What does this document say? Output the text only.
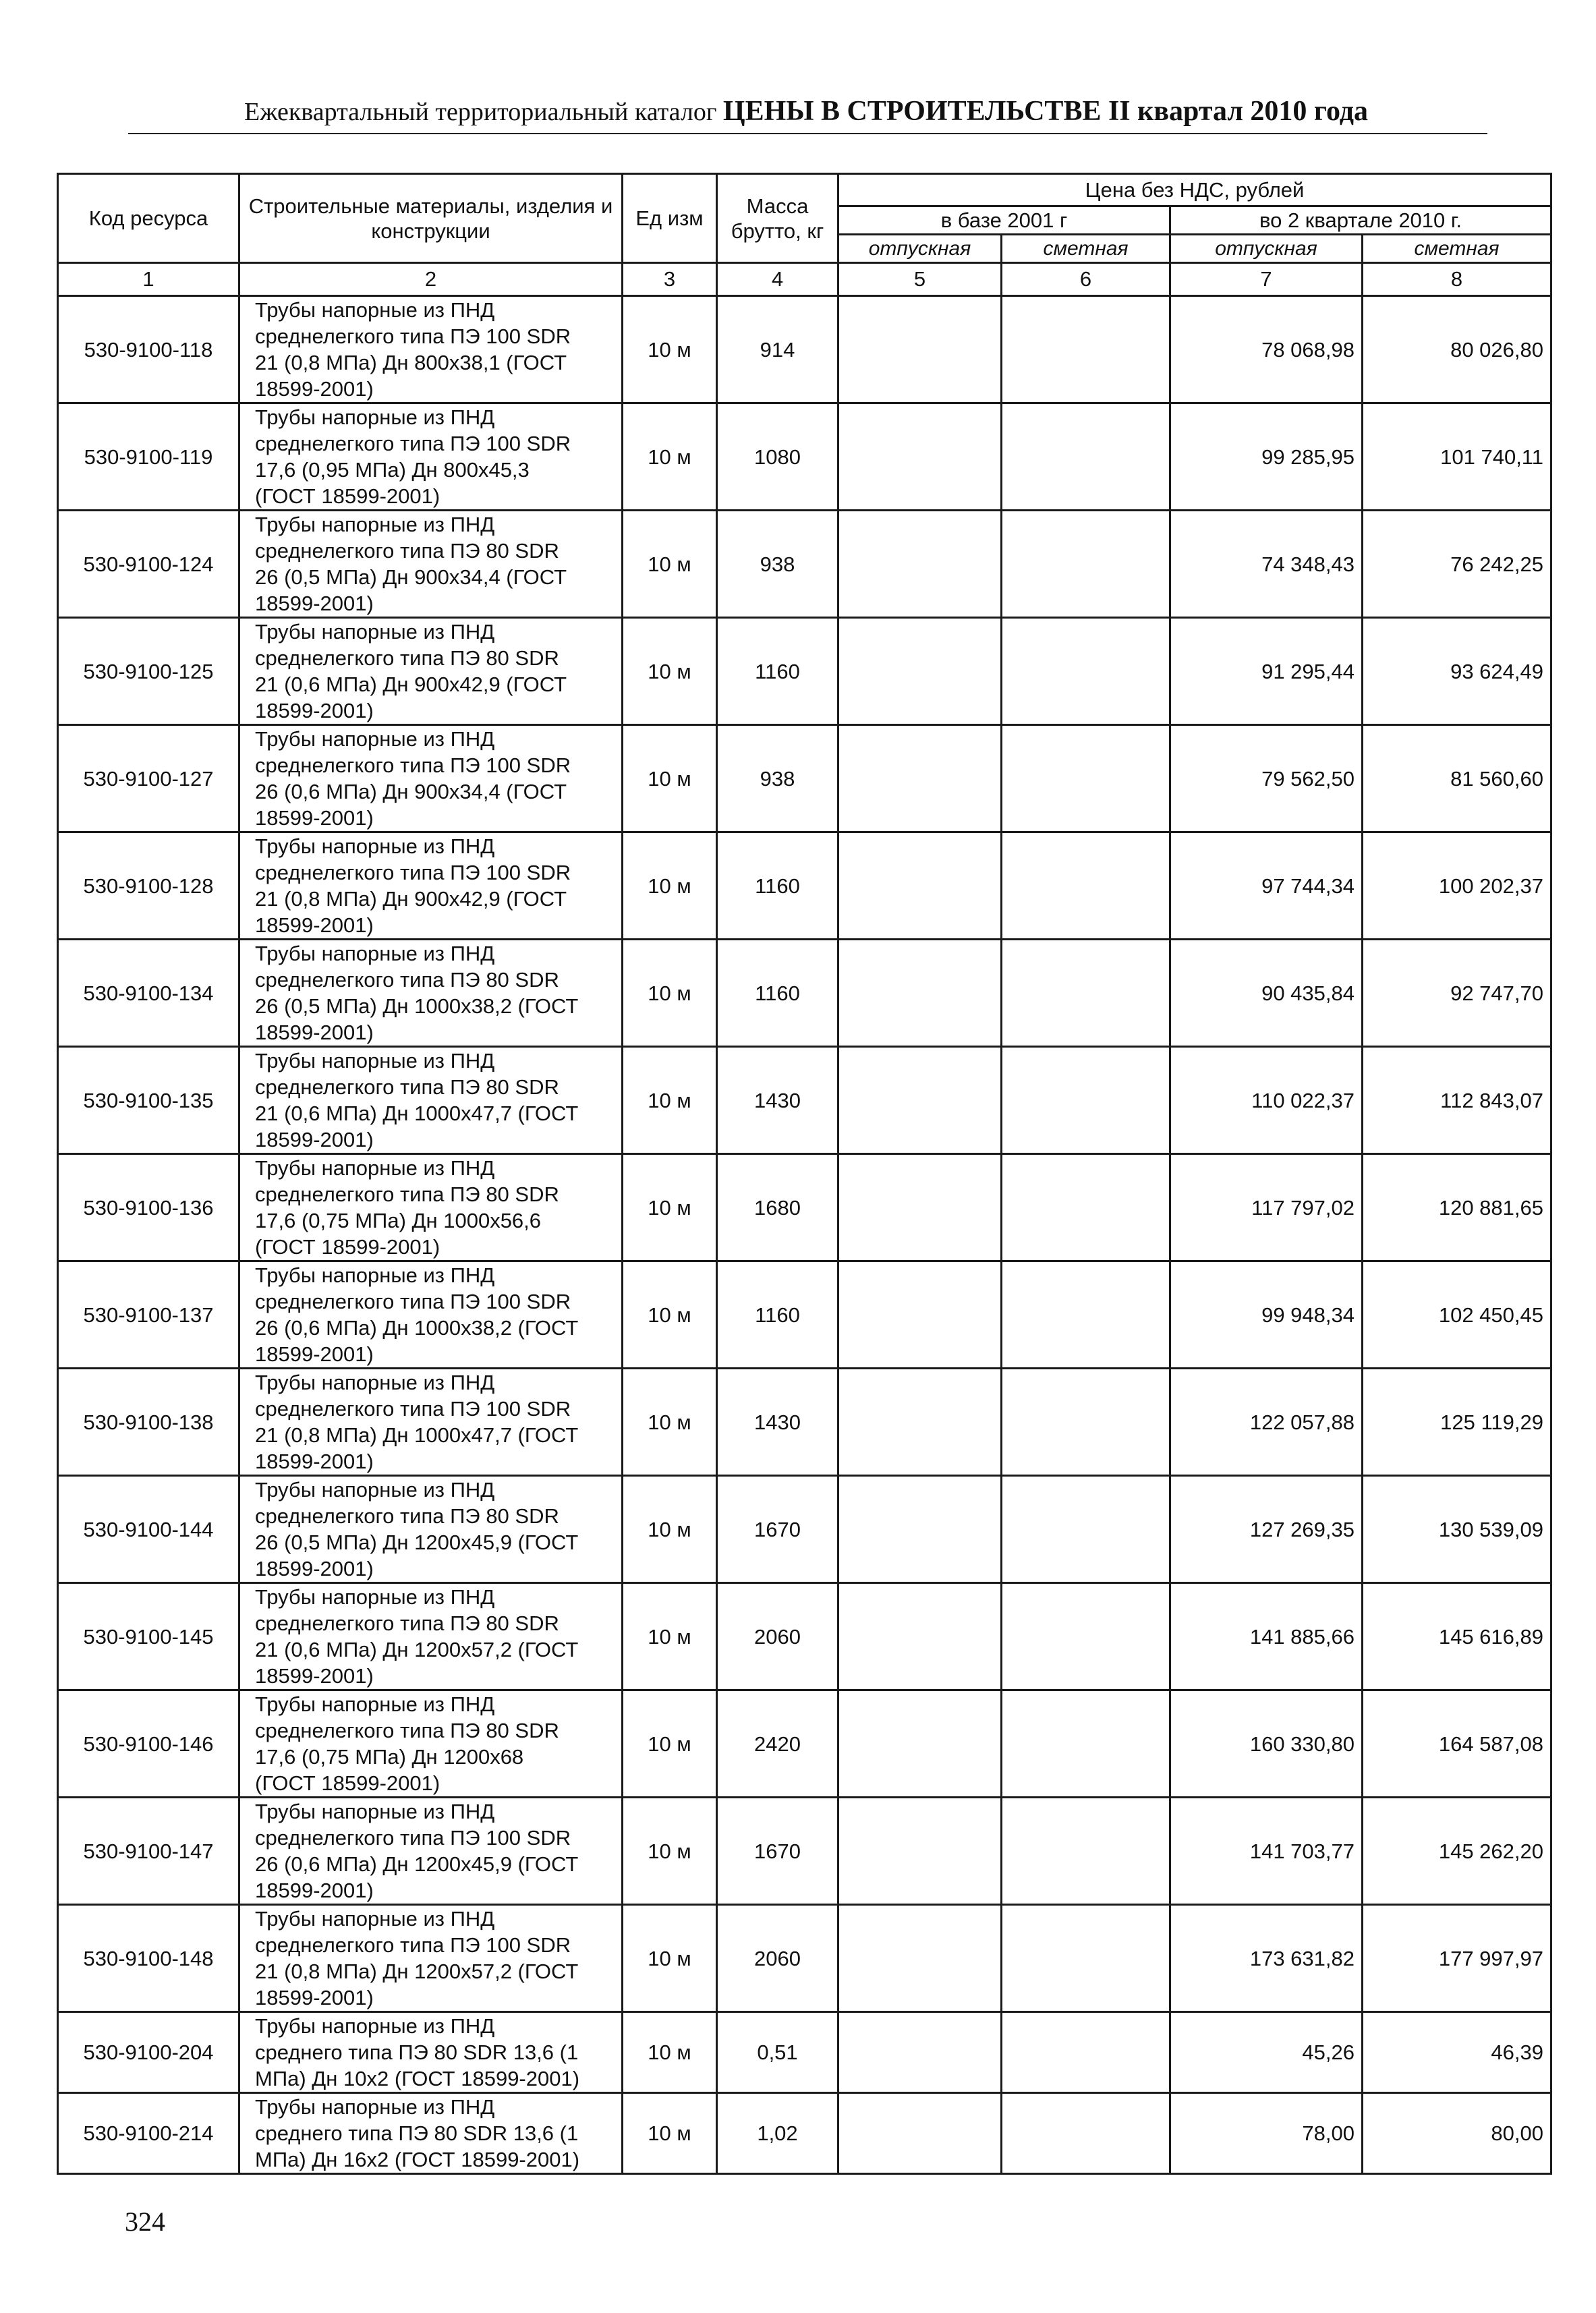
Ежеквартальный территориальный каталог ЦЕНЫ В СТРОИТЕЛЬСТВЕ II квартал 2010 года
Код ресурса	Строительные материалы, изделия и конструкции	Ед изм	Масса брутто, кг	Цена без НДС, рублей			
				в базе 2001 г		во 2 квартале 2010 г.	
				отпускная	сметная	отпускная	сметная
1	2	3	4	5	6	7	8
530-9100-118	Трубы напорные из ПНД
среднелегкого типа ПЭ 100 SDR
21 (0,8 МПа) Дн 800x38,1 (ГОСТ
18599-2001)	10 м	914			78 068,98	80 026,80
530-9100-119	Трубы напорные из ПНД
среднелегкого типа ПЭ 100 SDR
17,6 (0,95 МПа) Дн 800x45,3
(ГОСТ 18599-2001)	10 м	1080			99 285,95	101 740,11
530-9100-124	Трубы напорные из ПНД
среднелегкого типа ПЭ 80 SDR
26 (0,5 МПа) Дн 900x34,4 (ГОСТ
18599-2001)	10 м	938			74 348,43	76 242,25
530-9100-125	Трубы напорные из ПНД
среднелегкого типа ПЭ 80 SDR
21 (0,6 МПа) Дн 900x42,9 (ГОСТ
18599-2001)	10 м	1160			91 295,44	93 624,49
530-9100-127	Трубы напорные из ПНД
среднелегкого типа ПЭ 100 SDR
26 (0,6 МПа) Дн 900x34,4 (ГОСТ
18599-2001)	10 м	938			79 562,50	81 560,60
530-9100-128	Трубы напорные из ПНД
среднелегкого типа ПЭ 100 SDR
21 (0,8 МПа) Дн 900x42,9 (ГОСТ
18599-2001)	10 м	1160			97 744,34	100 202,37
530-9100-134	Трубы напорные из ПНД
среднелегкого типа ПЭ 80 SDR
26 (0,5 МПа) Дн 1000x38,2 (ГОСТ
18599-2001)	10 м	1160			90 435,84	92 747,70
530-9100-135	Трубы напорные из ПНД
среднелегкого типа ПЭ 80 SDR
21 (0,6 МПа) Дн 1000x47,7 (ГОСТ
18599-2001)	10 м	1430			110 022,37	112 843,07
530-9100-136	Трубы напорные из ПНД
среднелегкого типа ПЭ 80 SDR
17,6 (0,75 МПа) Дн 1000x56,6
(ГОСТ 18599-2001)	10 м	1680			117 797,02	120 881,65
530-9100-137	Трубы напорные из ПНД
среднелегкого типа ПЭ 100 SDR
26 (0,6 МПа) Дн 1000x38,2 (ГОСТ
18599-2001)	10 м	1160			99 948,34	102 450,45
530-9100-138	Трубы напорные из ПНД
среднелегкого типа ПЭ 100 SDR
21 (0,8 МПа) Дн 1000x47,7 (ГОСТ
18599-2001)	10 м	1430			122 057,88	125 119,29
530-9100-144	Трубы напорные из ПНД
среднелегкого типа ПЭ 80 SDR
26 (0,5 МПа) Дн 1200x45,9 (ГОСТ
18599-2001)	10 м	1670			127 269,35	130 539,09
530-9100-145	Трубы напорные из ПНД
среднелегкого типа ПЭ 80 SDR
21 (0,6 МПа) Дн 1200x57,2 (ГОСТ
18599-2001)	10 м	2060			141 885,66	145 616,89
530-9100-146	Трубы напорные из ПНД
среднелегкого типа ПЭ 80 SDR
17,6 (0,75 МПа) Дн 1200x68
(ГОСТ 18599-2001)	10 м	2420			160 330,80	164 587,08
530-9100-147	Трубы напорные из ПНД
среднелегкого типа ПЭ 100 SDR
26 (0,6 МПа) Дн 1200x45,9 (ГОСТ
18599-2001)	10 м	1670			141 703,77	145 262,20
530-9100-148	Трубы напорные из ПНД
среднелегкого типа ПЭ 100 SDR
21 (0,8 МПа) Дн 1200x57,2 (ГОСТ
18599-2001)	10 м	2060			173 631,82	177 997,97
530-9100-204	Трубы напорные из ПНД
среднего типа ПЭ 80 SDR 13,6 (1
МПа) Дн 10x2 (ГОСТ 18599-2001)	10 м	0,51			45,26	46,39
530-9100-214	Трубы напорные из ПНД
среднего типа ПЭ 80 SDR 13,6 (1
МПа) Дн 16x2 (ГОСТ 18599-2001)	10 м	1,02			78,00	80,00
324
